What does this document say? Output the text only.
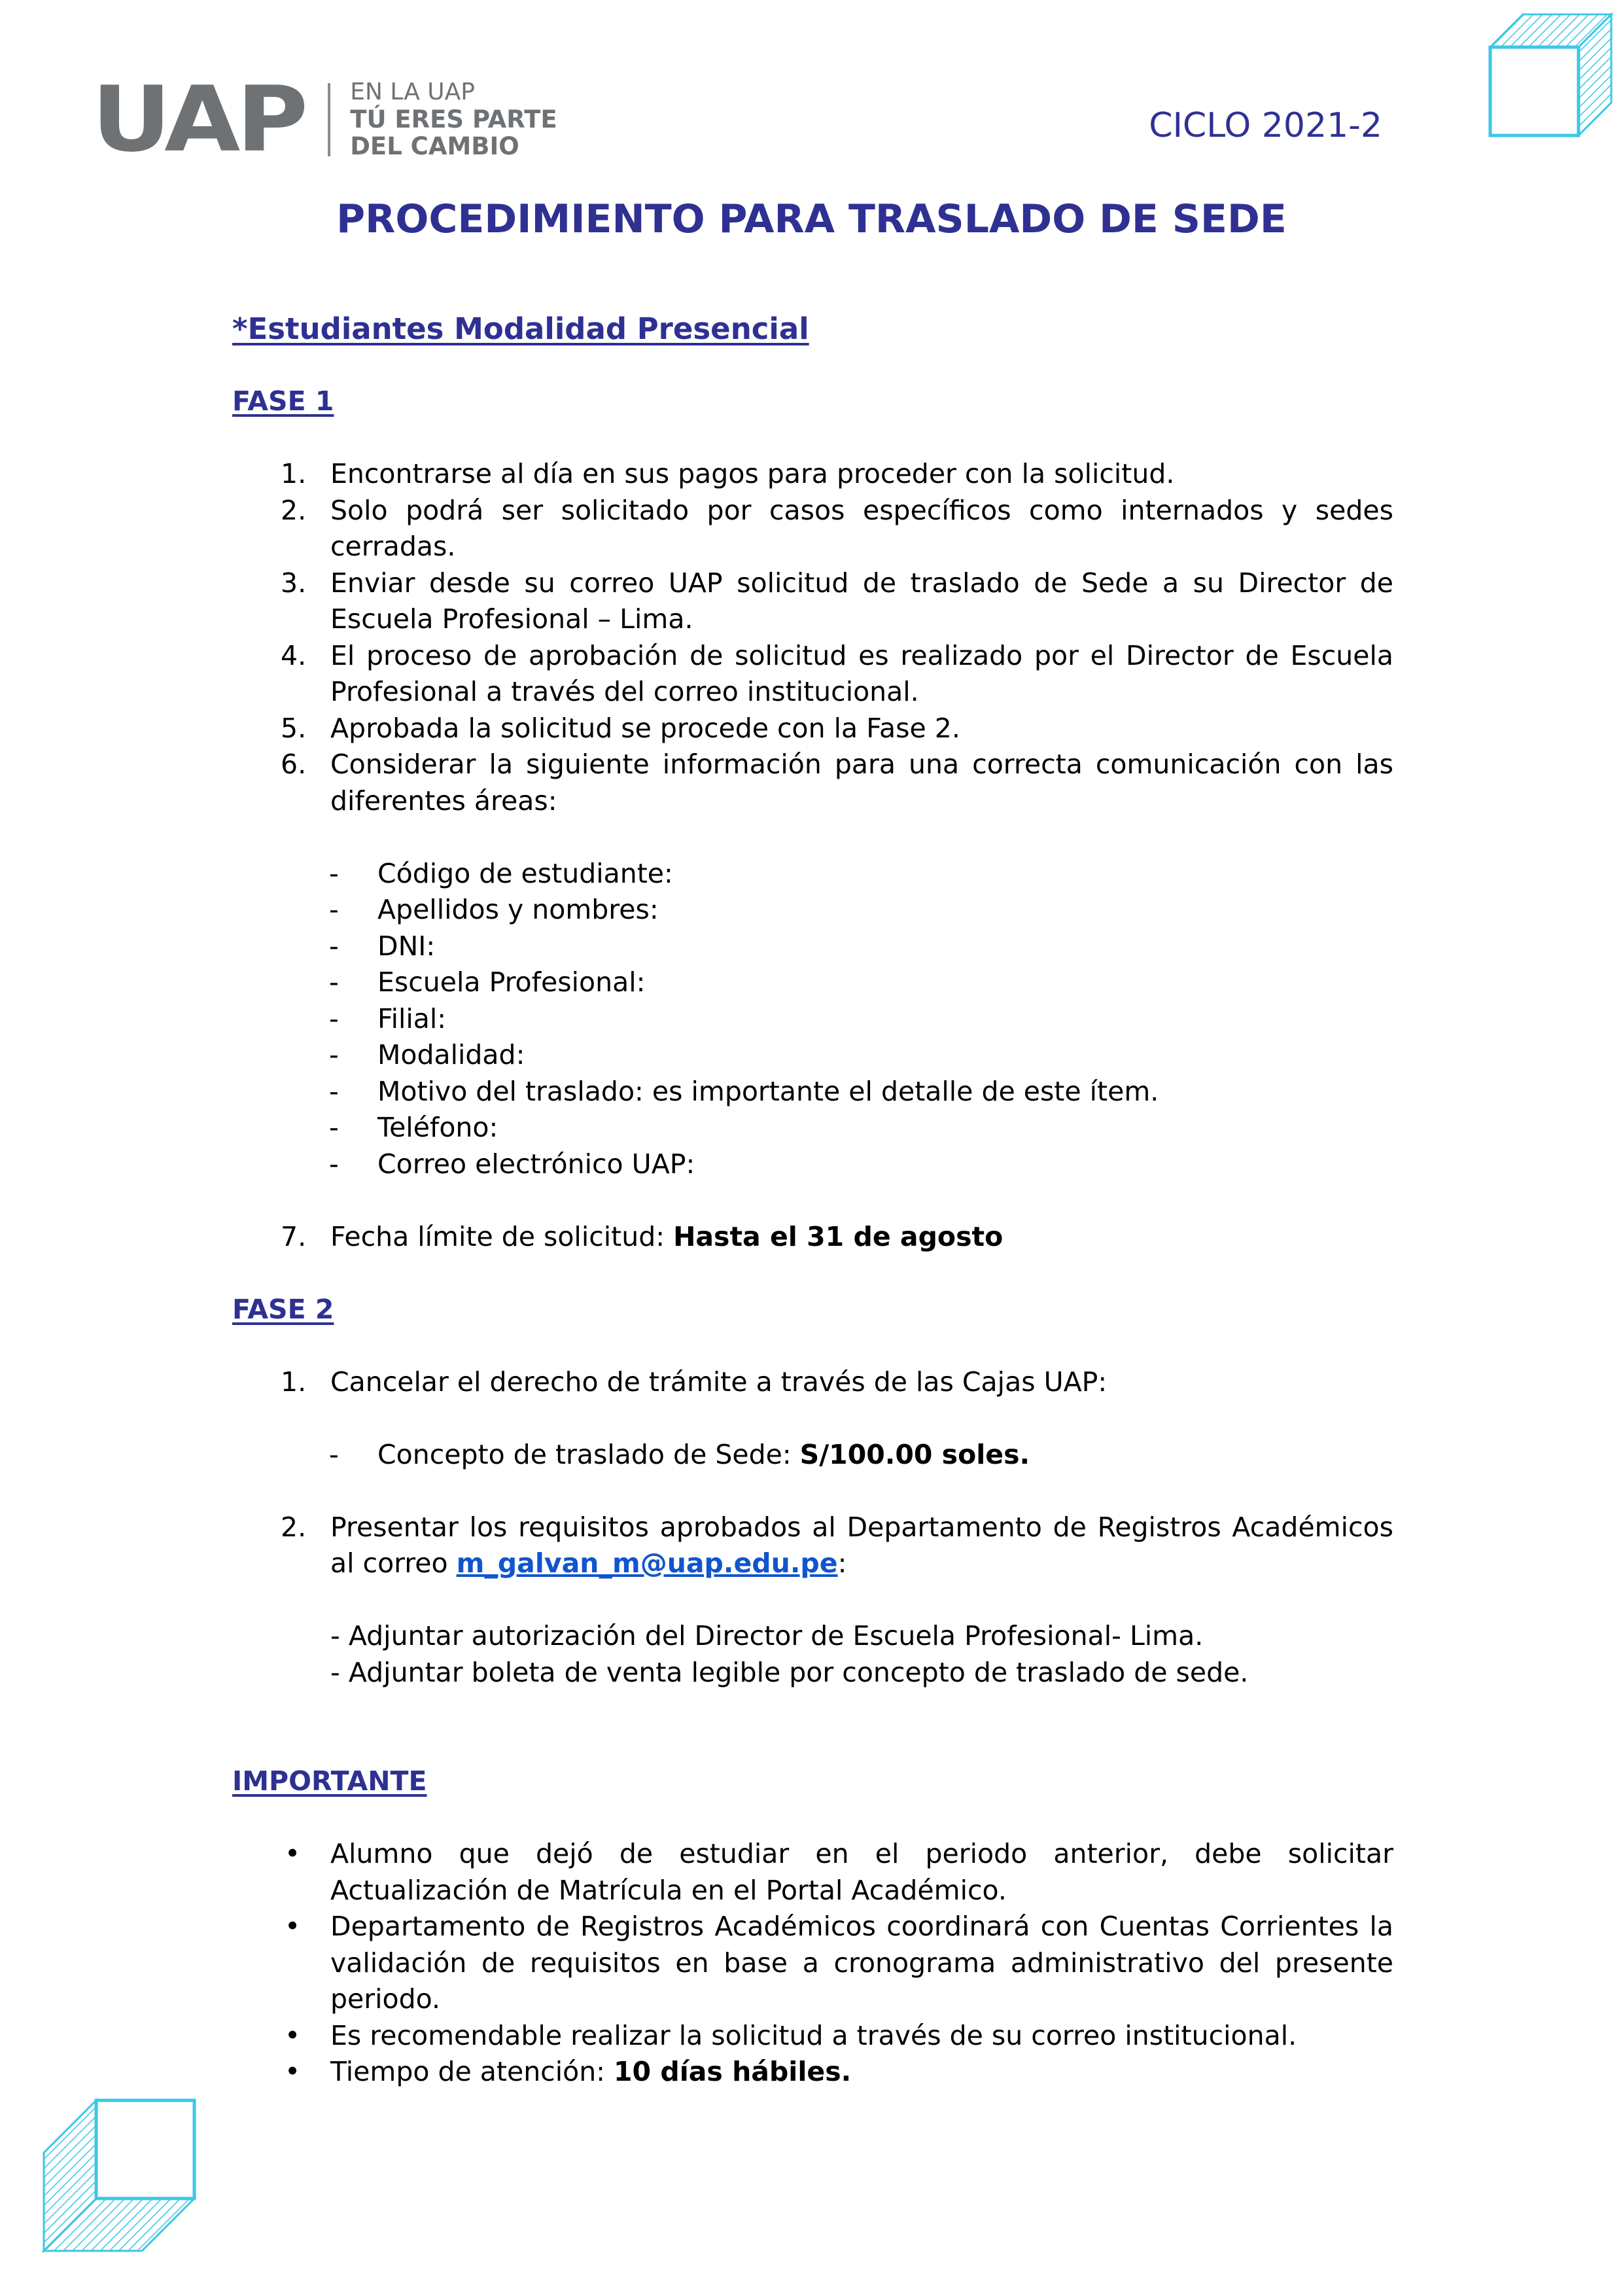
UAP EN LA UAP
TÚ ERES PARTE
DEL CAMBIO
CICLO 2021-2
PROCEDIMIENTO PARA TRASLADO DE SEDE
*Estudiantes Modalidad Presencial
FASE 1
1. Encontrarse al día en sus pagos para proceder con la solicitud.
2. Solo podrá ser solicitado por casos específicos como internados y sedes cerradas.
3. Enviar desde su correo UAP solicitud de traslado de Sede a su Director de Escuela Profesional – Lima.
4. El proceso de aprobación de solicitud es realizado por el Director de Escuela Profesional a través del correo institucional.
5. Aprobada la solicitud se procede con la Fase 2.
6. Considerar la siguiente información para una correcta comunicación con las diferentes áreas:
- Código de estudiante:
- Apellidos y nombres:
- DNI:
- Escuela Profesional:
- Filial:
- Modalidad:
- Motivo del traslado: es importante el detalle de este ítem.
- Teléfono:
- Correo electrónico UAP:
7. Fecha límite de solicitud: Hasta el 31 de agosto
FASE 2
1. Cancelar el derecho de trámite a través de las Cajas UAP:
- Concepto de traslado de Sede: S/100.00 soles.
2. Presentar los requisitos aprobados al Departamento de Registros Académicos al correo m_galvan_m@uap.edu.pe:
- Adjuntar autorización del Director de Escuela Profesional- Lima.
- Adjuntar boleta de venta legible por concepto de traslado de sede.
IMPORTANTE
• Alumno que dejó de estudiar en el periodo anterior, debe solicitar Actualización de Matrícula en el Portal Académico.
• Departamento de Registros Académicos coordinará con Cuentas Corrientes la validación de requisitos en base a cronograma administrativo del presente periodo.
• Es recomendable realizar la solicitud a través de su correo institucional.
• Tiempo de atención: 10 días hábiles.
